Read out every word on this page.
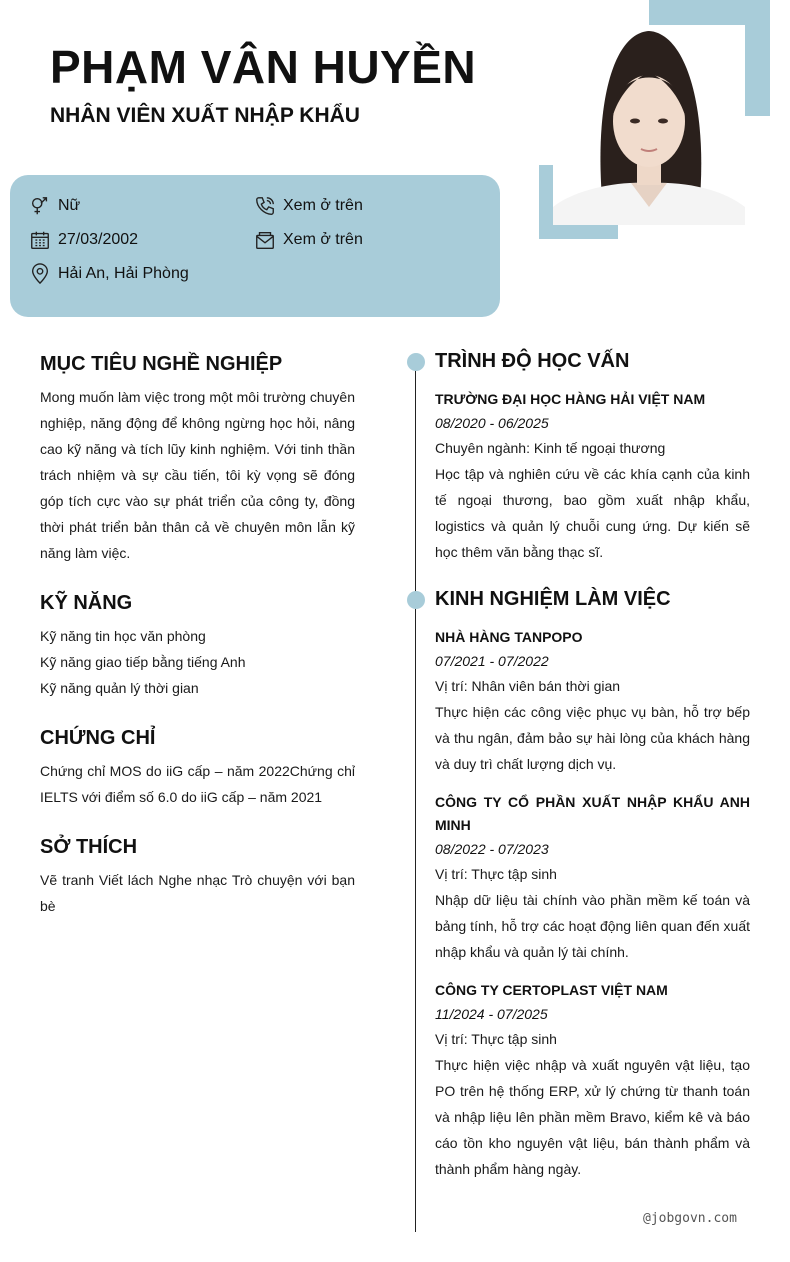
PHẠM VÂN HUYỀN
NHÂN VIÊN XUẤT NHẬP KHẨU
Nữ
27/03/2002
Hải An, Hải Phòng
Xem ở trên
Xem ở trên
MỤC TIÊU NGHỀ NGHIỆP
Mong muốn làm việc trong một môi trường chuyên nghiệp, năng động để không ngừng học hỏi, nâng cao kỹ năng và tích lũy kinh nghiệm. Với tinh thần trách nhiệm và sự cầu tiến, tôi kỳ vọng sẽ đóng góp tích cực vào sự phát triển của công ty, đồng thời phát triển bản thân cả về chuyên môn lẫn kỹ năng làm việc.
KỸ NĂNG
Kỹ năng tin học văn phòng
Kỹ năng giao tiếp bằng tiếng Anh
Kỹ năng quản lý thời gian
CHỨNG CHỈ
Chứng chỉ MOS do iiG cấp – năm 2022Chứng chỉ IELTS với điểm số 6.0 do iiG cấp – năm 2021
SỞ THÍCH
Vẽ tranh Viết lách Nghe nhạc Trò chuyện với bạn bè
TRÌNH ĐỘ HỌC VẤN
TRƯỜNG ĐẠI HỌC HÀNG HẢI VIỆT NAM
08/2020 - 06/2025
Chuyên ngành: Kinh tế ngoại thương
Học tập và nghiên cứu về các khía cạnh của kinh tế ngoại thương, bao gồm xuất nhập khẩu, logistics và quản lý chuỗi cung ứng. Dự kiến sẽ học thêm văn bằng thạc sĩ.
KINH NGHIỆM LÀM VIỆC
NHÀ HÀNG TANPOPO
07/2021 - 07/2022
Vị trí: Nhân viên bán thời gian
Thực hiện các công việc phục vụ bàn, hỗ trợ bếp và thu ngân, đảm bảo sự hài lòng của khách hàng và duy trì chất lượng dịch vụ.
CÔNG TY CỔ PHẦN XUẤT NHẬP KHẨU ANH MINH
08/2022 - 07/2023
Vị trí: Thực tập sinh
Nhập dữ liệu tài chính vào phần mềm kế toán và bảng tính, hỗ trợ các hoạt động liên quan đến xuất nhập khẩu và quản lý tài chính.
CÔNG TY CERTOPLAST VIỆT NAM
11/2024 - 07/2025
Vị trí: Thực tập sinh
Thực hiện việc nhập và xuất nguyên vật liệu, tạo PO trên hệ thống ERP, xử lý chứng từ thanh toán và nhập liệu lên phần mềm Bravo, kiểm kê và báo cáo tồn kho nguyên vật liệu, bán thành phẩm và thành phẩm hàng ngày.
@jobgovn.com
